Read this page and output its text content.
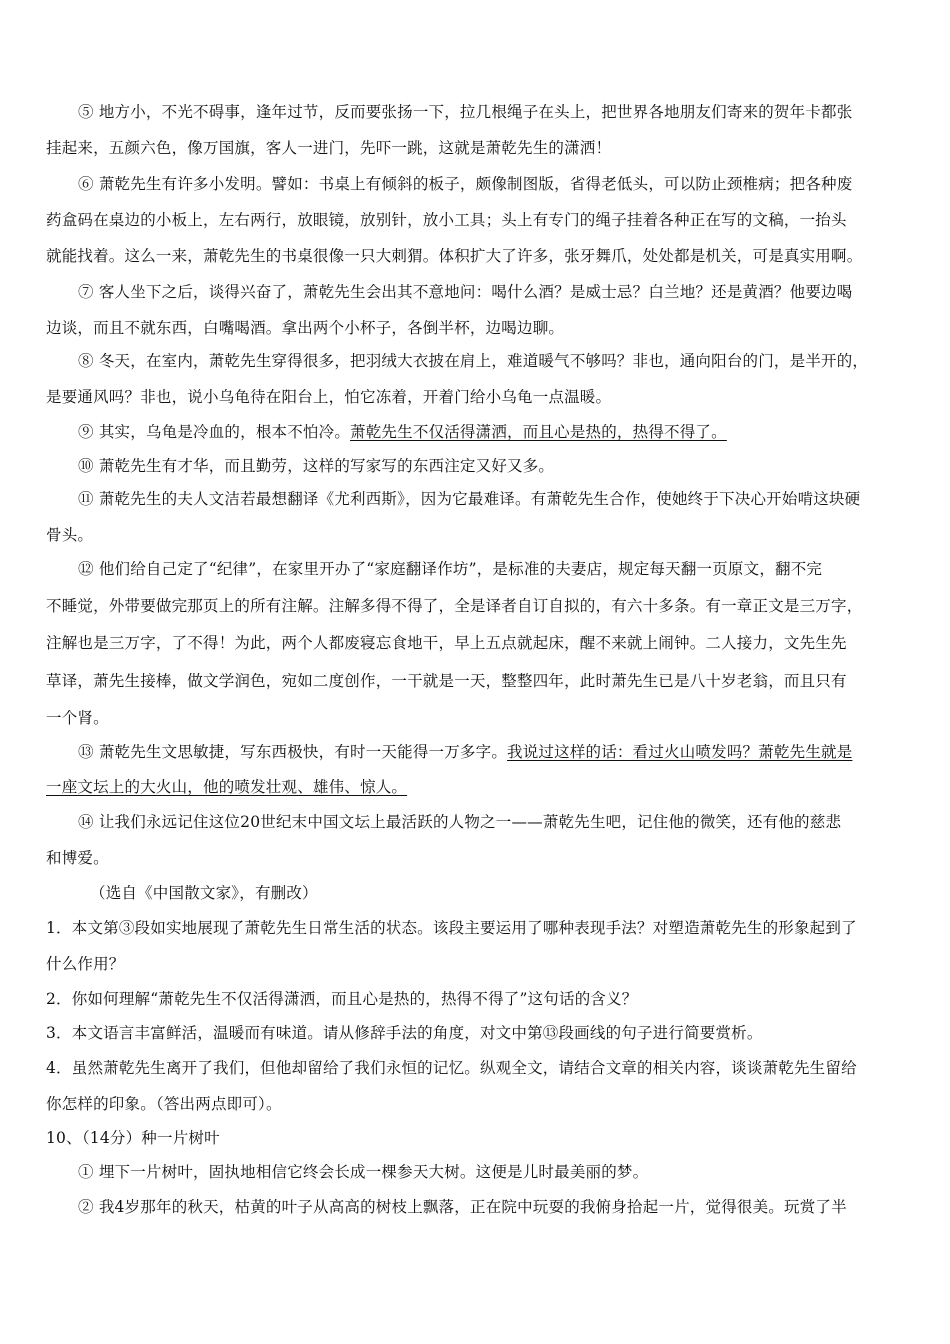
⑤ 地方小，不光不碍事，逢年过节，反而要张扬一下，拉几根绳子在头上，把世界各地朋友们寄来的贺年卡都张
挂起来，五颜六色，像万国旗，客人一进门，先吓一跳，这就是萧乾先生的潇洒！
⑥ 萧乾先生有许多小发明。譬如：书桌上有倾斜的板子，颇像制图版，省得老低头，可以防止颈椎病；把各种废
药盒码在桌边的小板上，左右两行，放眼镜，放别针，放小工具；头上有专门的绳子挂着各种正在写的文稿，一抬头
就能找着。这么一来，萧乾先生的书桌很像一只大刺猬。体积扩大了许多，张牙舞爪，处处都是机关，可是真实用啊。
⑦ 客人坐下之后，谈得兴奋了，萧乾先生会出其不意地问：喝什么酒？是威士忌？白兰地？还是黄酒？他要边喝
边谈，而且不就东西，白嘴喝酒。拿出两个小杯子，各倒半杯，边喝边聊。
⑧ 冬天，在室内，萧乾先生穿得很多，把羽绒大衣披在肩上，难道暖气不够吗？非也，通向阳台的门，是半开的，
是要通风吗？非也，说小乌龟待在阳台上，怕它冻着，开着门给小乌龟一点温暖。
⑨ 其实，乌龟是冷血的，根本不怕冷。萧乾先生不仅活得潇洒，而且心是热的，热得不得了。
⑩ 萧乾先生有才华，而且勤劳，这样的写家写的东西注定又好又多。
⑪ 萧乾先生的夫人文洁若最想翻译《尤利西斯》，因为它最难译。有萧乾先生合作，使她终于下决心开始啃这块硬
骨头。
⑫ 他们给自己定了“纪律”，在家里开办了“家庭翻译作坊”，是标准的夫妻店，规定每天翻一页原文，翻不完
不睡觉，外带要做完那页上的所有注解。注解多得不得了，全是译者自订自拟的，有六十多条。有一章正文是三万字，
注解也是三万字，了不得！为此，两个人都废寝忘食地干，早上五点就起床，醒不来就上闹钟。二人接力，文先生先
草译，萧先生接棒，做文学润色，宛如二度创作，一干就是一天，整整四年，此时萧先生已是八十岁老翁，而且只有
一个肾。
⑬ 萧乾先生文思敏捷，写东西极快，有时一天能得一万多字。我说过这样的话：看过火山喷发吗？萧乾先生就是
一座文坛上的大火山，他的喷发壮观、雄伟、惊人。
⑭ 让我们永远记住这位20世纪末中国文坛上最活跃的人物之一——萧乾先生吧，记住他的微笑，还有他的慈悲
和博爱。
（选自《中国散文家》，有删改）
1．本文第③段如实地展现了萧乾先生日常生活的状态。该段主要运用了哪种表现手法？对塑造萧乾先生的形象起到了
什么作用？
2．你如何理解“萧乾先生不仅活得潇洒，而且心是热的，热得不得了”这句话的含义？
3．本文语言丰富鲜活，温暖而有味道。请从修辞手法的角度，对文中第⑬段画线的句子进行简要赏析。
4．虽然萧乾先生离开了我们，但他却留给了我们永恒的记忆。纵观全文，请结合文章的相关内容，谈谈萧乾先生留给
你怎样的印象。（答出两点即可）。
10、（14分）种一片树叶
① 埋下一片树叶，固执地相信它终会长成一棵参天大树。这便是儿时最美丽的梦。
② 我4岁那年的秋天，枯黄的叶子从高高的树枝上飘落，正在院中玩耍的我俯身拾起一片，觉得很美。玩赏了半
